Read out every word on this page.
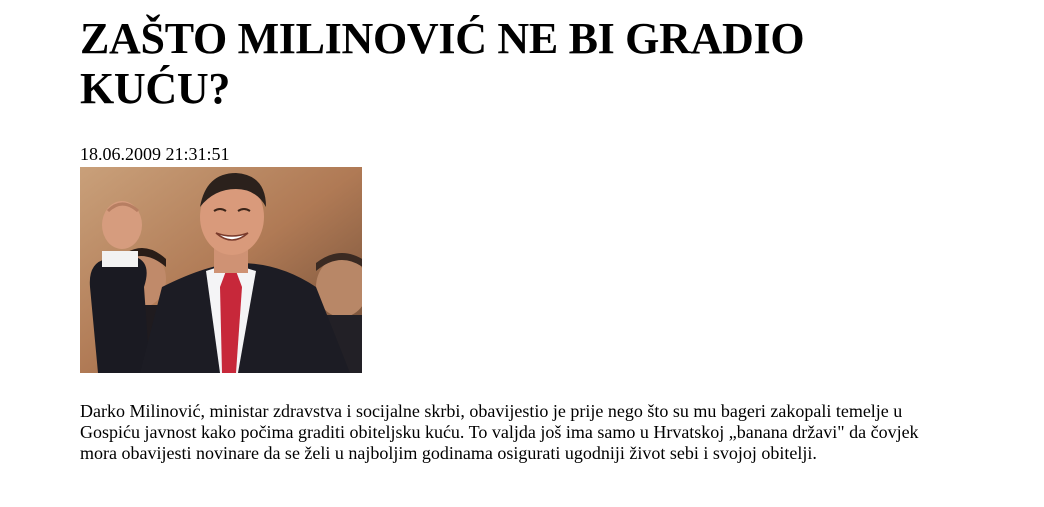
ZAŠTO MILINOVIĆ NE BI GRADIO KUĆU?
18.06.2009 21:31:51
Darko Milinović, ministar zdravstva i socijalne skrbi, obavijestio je prije nego što su mu bageri zakopali temelje u Gospiću javnost kako počima graditi obiteljsku kuću. To valjda još ima samo u Hrvatskoj „banana državi" da čovjek mora obavijesti novinare da se želi u najboljim godinama osigurati ugodniji život sebi i svojoj obitelji.
